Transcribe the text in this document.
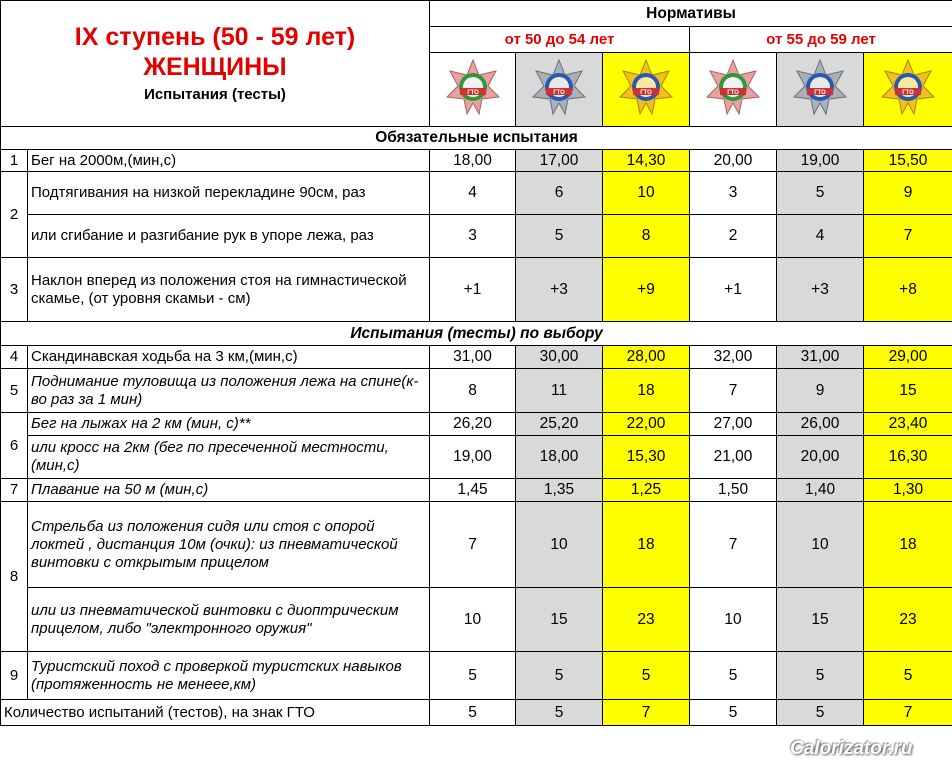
IX ступень (50 - 59 лет)
ЖЕНЩИНЫ
Испытания (тесты)		Нормативы					
		от 50 до 54 лет			от 55 до 59 лет		

ГТО	ГТО	ГТО	ГТО	ГТО	ГТО

Обязательные испытания							
1	Бег на 2000м,(мин,с)	18,00	17,00	14,30	20,00	19,00	15,50
2	Подтягивания на низкой перекладине 90см, раз	4	6	10	3	5	9
	или сгибание и разгибание рук в упоре лежа, раз	3	5	8	2	4	7
3	Наклон вперед из положения стоя на гимнастической скамье, (от уровня скамьи - см)	+1	+3	+9	+1	+3	+8
Испытания (тесты) по выбору							
4	Скандинавская ходьба на 3 км,(мин,с)	31,00	30,00	28,00	32,00	31,00	29,00
5	Поднимание туловища из положения лежа на спине(к-во раз за 1 мин)	8	11	18	7	9	15
6	Бег на лыжах на 2 км (мин, с)**	26,20	25,20	22,00	27,00	26,00	23,40
	или кросс на 2км (бег по пресеченной местности, (мин,с)	19,00	18,00	15,30	21,00	20,00	16,30
7	Плавание на 50 м (мин,с)	1,45	1,35	1,25	1,50	1,40	1,30
8	Стрельба из положения сидя или стоя с опорой локтей , дистанция 10м (очки): из пневматической винтовки с открытым прицелом	7	10	18	7	10	18
	или из пневматической винтовки с диоптрическим прицелом, либо "электронного оружия"	10	15	23	10	15	23
9	Туристский поход с проверкой туристских навыков (протяженность не менеее,км)	5	5	5	5	5	5
Количество испытаний (тестов), на знак ГТО		5	5	7	5	5	7
Calorizator.ru
